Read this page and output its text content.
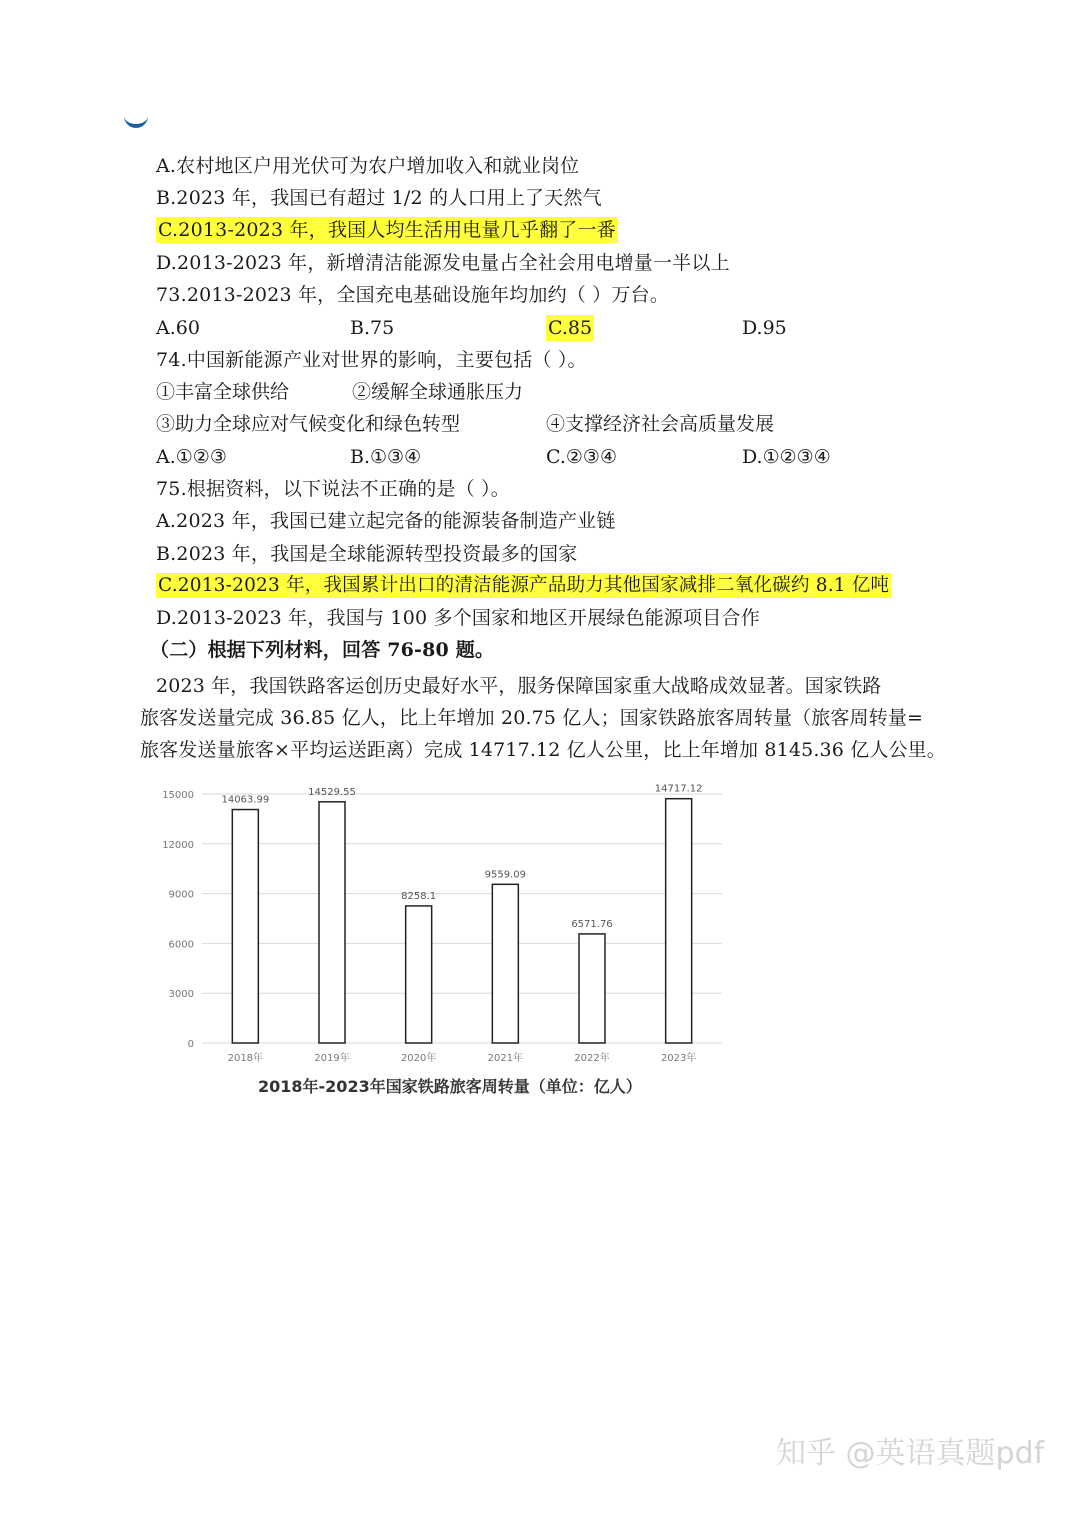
A.农村地区户用光伏可为农户增加收入和就业岗位
B.2023 年，我国已有超过 1/2 的人口用上了天然气
C.2013-2023 年，我国人均生活用电量几乎翻了一番
D.2013-2023 年，新增清洁能源发电量占全社会用电增量一半以上
73.2013-2023 年，全国充电基础设施年均加约（ ）万台。
A.60	B.75	C.85	D.95
74.中国新能源产业对世界的影响，主要包括（ ）。
①丰富全球供给	②缓解全球通胀压力
③助力全球应对气候变化和绿色转型	④支撑经济社会高质量发展
A.①②③	B.①③④	C.②③④	D.①②③④
75.根据资料，以下说法不正确的是（ ）。
A.2023 年，我国已建立起完备的能源装备制造产业链
B.2023 年，我国是全球能源转型投资最多的国家
C.2013-2023 年，我国累计出口的清洁能源产品助力其他国家减排二氧化碳约 8.1 亿吨
D.2013-2023 年，我国与 100 多个国家和地区开展绿色能源项目合作
（二）根据下列材料，回答 76-80 题。
2023 年，我国铁路客运创历史最好水平，服务保障国家重大战略成效显著。国家铁路
旅客发送量完成 36.85 亿人，比上年增加 20.75 亿人；国家铁路旅客周转量（旅客周转量=
旅客发送量旅客×平均运送距离）完成 14717.12 亿人公里，比上年增加 8145.36 亿人公里。
0
3000
6000
9000
12000
15000	14063.99
2018年
14529.55
2019年
8258.1
2020年
9559.09
2021年
6571.76
2022年
14717.12
2023年
2018年-2023年国家铁路旅客周转量（单位：亿人）
知乎 @英语真题pdf
